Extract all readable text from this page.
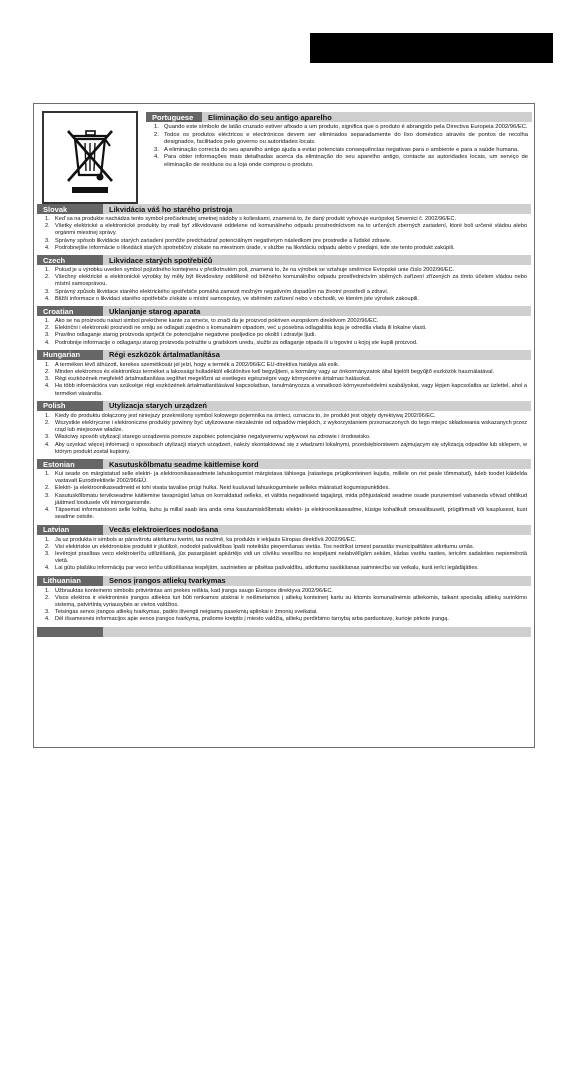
Portuguese	Eliminação do seu antigo aparelho
1. Quando este símbolo de latão cruzado estiver afixado a um produto, significa que o produto é abrangido pela Directiva Europeia 2002/96/EC.
2. Todos os produtos eléctricos e electrónicos devem ser eliminados separadamente do lixo doméstico através de pontos de recolha designados, facilitados pelo governo ou autoridades locais.
3. A eliminação correcta do seu aparelho antigo ajuda a evitar potenciais consequências negativas para o ambiente e para a saúde humana.
4. Para obter informações mais detalhadas acerca da eliminação do seu aparelho antigo, contacte as autoridades locais, um serviço de eliminação de resíduos ou a loja onde comprou o produto.
Slovak	Likvidácia váš ho starého prístroja
1. Keď sa na produkte nachádza tento symbol prečiarknutej smetnej nádoby s kolieskami, znamená to, že daný produkt vyhovuje európskej Smernici č. 2002/96/EC.
2. Všetky elektrické a elektronické produkty by mali byť zlikvidované oddelene od komunálneho odpadu prostredníctvom na to určených zberných zariadení, ktoré boli určené vládou alebo orgánmi miestnej správy.
3. Správny spôsob likvidácie starých zariadení pomôže predchádzať potenciálnym negatívnym následkom pre prostredie a ľudské zdravie.
4. Podrobnejšie informácie o likvidácii starých spotrebičov získate na miestnom úrade, v službe na likvidáciu odpadu alebo v predajni, kde ste tento produkt zakúpili.
Czech	Likvidace starých spotřebičů
1. Pokud je u výrobku uveden symbol pojízdného kontejneru v přeškrtnutém poli, znamená to, že na výrobek se vztahuje směrnice Evropské unie číslo 2002/96/EC.
2. Všechny elektrické a elektronické výrobky by měly být likvidovány odděleně od běžného komunálního odpadu prostřednictvím sběrných zařízení zřízených za tímto účelem vládou nebo místní samosprávou.
3. Správný způsob likvidace starého elektrického spotřebiče pomáhá zamezit možným negativním dopadům na životní prostředí a zdraví.
4. Bližší informace o likvidaci starého spotřebiče získáte u místní samosprávy, ve sběrném zařízení nebo v obchodě, ve kterém jste výrobek zakoupili.
Croatian	Uklanjanje starog aparata
1. Ako se na proizvodu nalazi simbol prekrižene kante za smeće, to znači da je proizvod pokriven europskom direktivom 2002/96/EC.
2. Električni i elektronski proizvodi ne smiju se odlagati zajedno s komunalnim otpadom, već u posebna odlagališta koja je odredila vlada ili lokalne vlasti.
3. Pravilno odlaganje starog proizvoda spriječit će potencijalne negativne posljedice po okoliš i zdravlje ljudi.
4. Podrobnije informacije o odlaganju starog proizvoda potražite u gradskom uredu, službi za odlaganje otpada ili u trgovini u kojoj ste kupili proizvod.
Hungarian	Régi eszközök ártalmatlanítása
1. A terméken lévő áthúzott, kerekes szemétkosár jel jelzi, hogy a termék a 2002/96/EC EU-direktíva hatálya alá esik.
2. Minden elektromos és elektronikus terméket a lakossági hulladéktól elkülönítve kell begyűjteni, a kormány vagy az önkormányzatok által kijelölt begyűjtő eszközök használatával.
3. Régi eszközének megfelelő ártalmatlanítása segíthet megelőzni az esetleges egészségre vagy környezetre ártalmas hatásokat.
4. Ha több információra van szüksége régi eszközének ártalmatlanításával kapcsolatban, tanulmányozza a vonatkozó környezetvédelmi szabályokat, vagy lépjen kapcsolatba az üzlettel, ahol a terméket vásárolta.
Polish	Utylizacja starych urządzeń
1. Kiedy do produktu dołączony jest niniejszy przekreślony symbol kołowego pojemnika na śmieci, oznacza to, że produkt jest objęty dyrektywą 2002/96/EC.
2. Wszystkie elektryczne i elektroniczne produkty powinny być utylizowane niezależnie od odpadów miejskich, z wykorzystaniem przeznaczonych do tego miejsc składowania wskazanych przez rząd lub miejscowe władze.
3. Właściwy sposób utylizacji starego urządzenia pomoże zapobiec potencjalnie negatywnemu wpływowi na zdrowie i środowisko.
4. Aby uzyskać więcej informacji o sposobach utylizacji starych urządzeń, należy skontaktować się z władzami lokalnymi, przedsiębiorstwem zajmującym się utylizacją odpadów lub sklepem, w którym produkt został kupiony.
Estonian	Kasutuskõlbmatu seadme käitlemise kord
1. Kui seade on märgistatud selle elektri- ja elektroonikaseadmete lahuskogumist märgistava tähisega (ratastega prügikonteineri kujutis, millele on rist peale tõmmatud), tuleb toodet käidelda vastavalt Eurodirektiivile 2002/96/EÜ.
2. Elektri- ja elektroonikaseadmeid ei tohi visata tavalise prügi hulka. Neid kuuluvad lahuskogumisele selleks määratud kogumispunktides.
3. Kasutuskõlbmatu tervikseadme käitlemine tavaprügist lahus on korraldatud selleks, et vältida negatiivseid tagajärgi, mida põhjustaksid seadme osade purunemisel vabaneda võivad ohtlikud jäätmed loodusele või inimorganismile.
4. Täpsemat informatsiooni selle kohta, kuhu ja millal saab ära anda oma kasutamiskõlbmatu elektri- ja elektroonikaseadme, küsige kohalikult omavalitsuselt, prügifirmalt või kauplusest, kust seadme ostsite.
Latvian	Vecās elektroierīces nodošana
1. Ja uz produkta ir simbols ar pārsvītrotu atkritumu tvertni, tas nozīmē, ka produkts ir iekļauts Eiropas direktīvā 2002/96/EC.
2. Visi elektriskie un elektroniskie produkti ir jāutilizē, nododot pašvaldības īpaši noteiktās pieņemšanas vietās. Tos nedrīkst izmest parastās municipalitātes atkritumu urnās.
3. Ievērojot prasības veco elektroierīču utilizēšanā, jūs pasargāsiet apkārtējo vidi un cilvēku veselību no iespējami nelabvēlīgām sekām, kādas varētu rasties, iericēm sadaloties nepiemērotā vietā.
4. Lai gūtu plašāku informāciju par veco ierīču utilizēšanas iespējām, sazinieties ar pilsētas pašvaldību, atkritumu savākšanas saimniecību vai veikalu, kurā ierīci iegādājāties.
Lithuanian	Senos įrangos atliekų tvarkymas
1. Užbrauktas konteinerio simbolis pritvirtintas ant prekės reiškia, kad įranga saugo Europos direktyva 2002/96/EC.
2. Visos elektros ir elektroninės įrangos atliekos turi būti renkamos atskirai ir neišmetamos į atliekų konteinerį kartu su kitomis komunalinėmis atliekomis, taikant specialią atliekų surinkimo sistemą, patvirtintą vyriausybės ar vietos valdžios.
3. Teisingas senos įrangos atliekų tvarkymas, padės išvengti neigiamų pasekmių aplinkai ir žmonių sveikatai.
4. Dėl išsamesnės informacijos apie senos įrangos tvarkymą, prašome kreiptis į miesto valdžią, atliekų perdirbimo tarnybą arba parduotuvę, kurioje pirkote įrangą.
